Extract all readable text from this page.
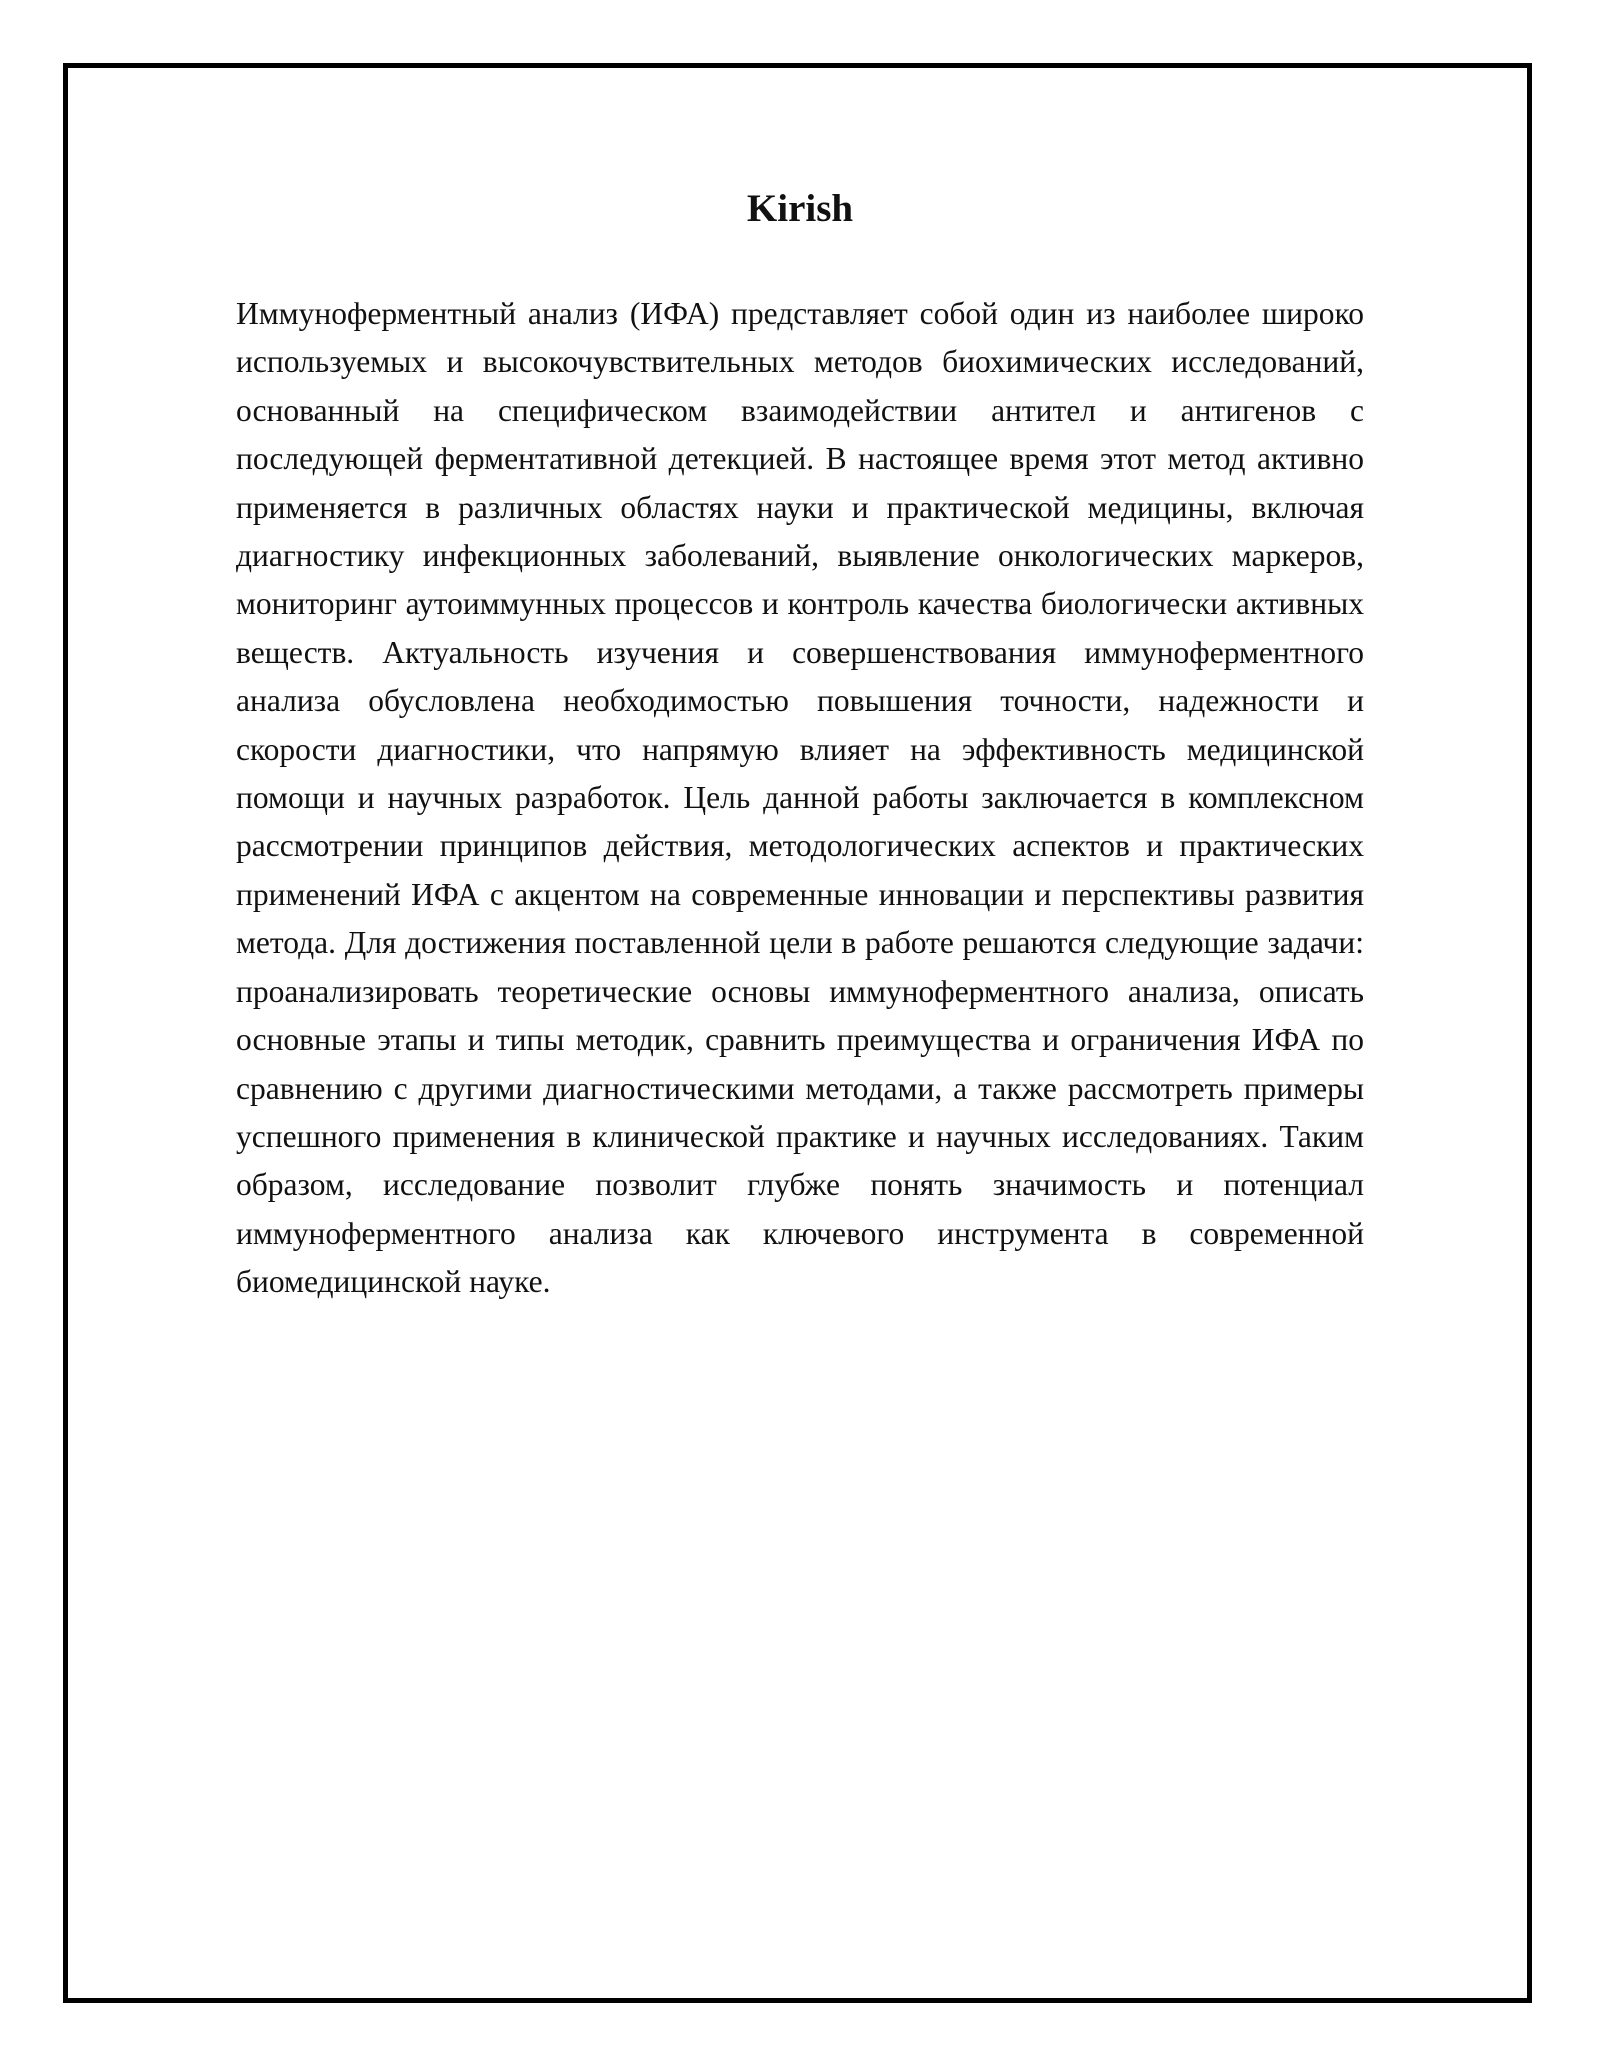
Kirish

Иммуноферментный анализ (ИФА) представляет собой один из наиболее широко используемых и высокочувствительных методов биохимических исследований, основанный на специфическом взаимодействии антител и антигенов с последующей ферментативной детекцией. В настоящее время этот метод активно применяется в различных областях науки и практической медицины, включая диагностику инфекционных заболеваний, выявление онкологических маркеров, мониторинг аутоиммунных процессов и контроль качества биологически активных веществ. Актуальность изучения и совершенствования иммуноферментного анализа обусловлена необходимостью повышения точности, надежности и скорости диагностики, что напрямую влияет на эффективность медицинской помощи и научных разработок. Цель данной работы заключается в комплексном рассмотрении принципов действия, методологических аспектов и практических применений ИФА с акцентом на современные инновации и перспективы развития метода. Для достижения поставленной цели в работе решаются следующие задачи: проанализировать теоретические основы иммуноферментного анализа, описать основные этапы и типы методик, сравнить преимущества и ограничения ИФА по сравнению с другими диагностическими методами, а также рассмотреть примеры успешного применения в клинической практике и научных исследованиях. Таким образом, исследование позволит глубже понять значимость и потенциал иммуноферментного анализа как ключевого инструмента в современной биомедицинской науке.
